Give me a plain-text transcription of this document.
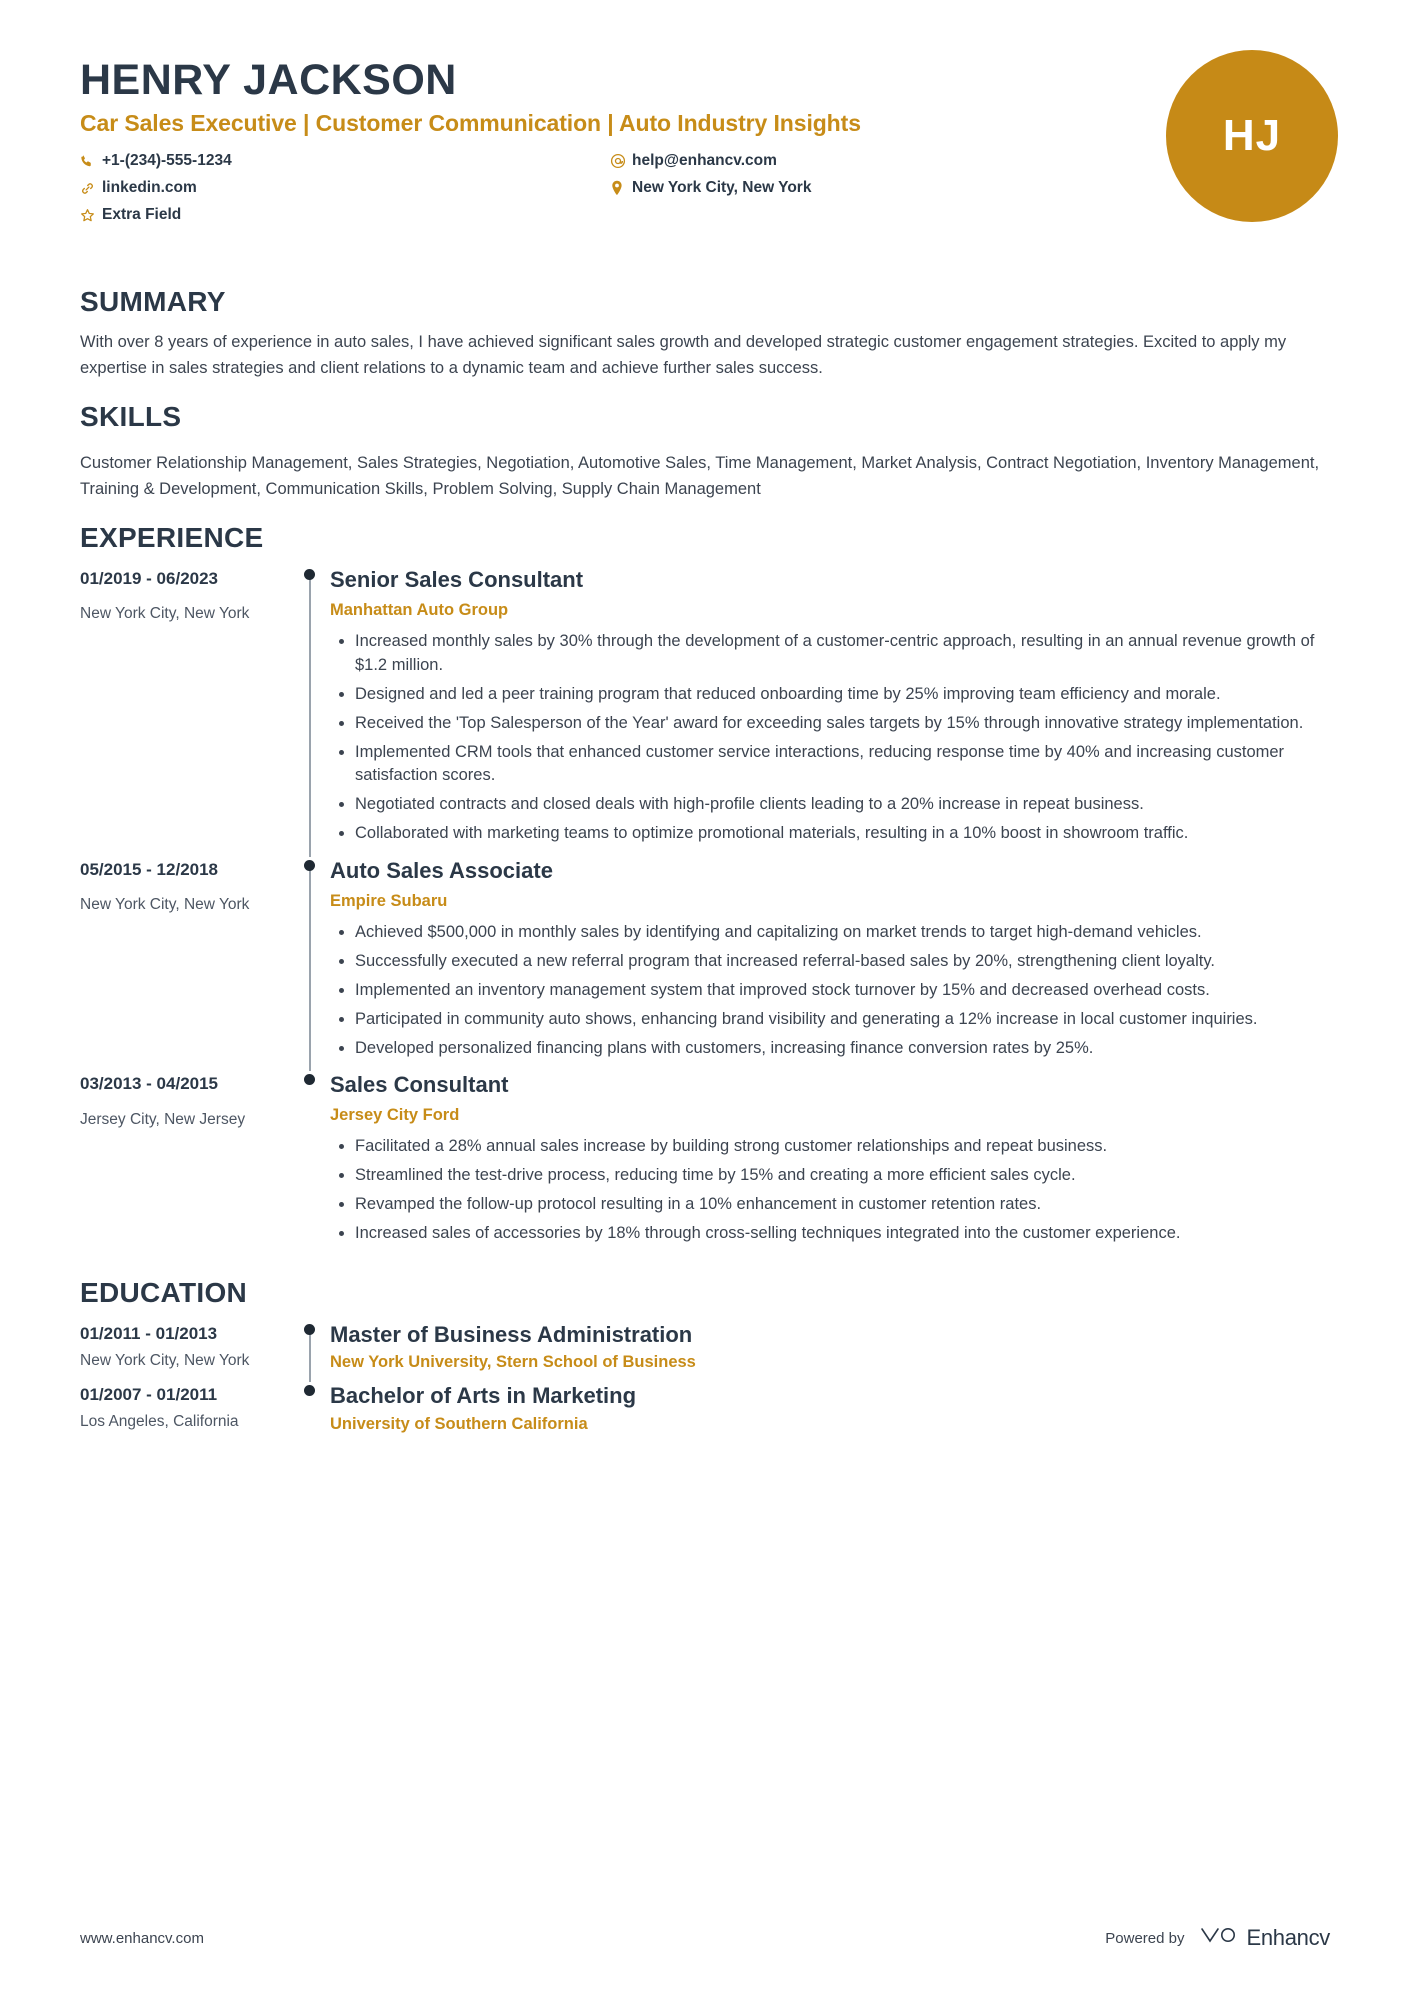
HENRY JACKSON
Car Sales Executive | Customer Communication | Auto Industry Insights
+1-(234)-555-1234	help@enhancv.com
linkedin.com	New York City, New York
Extra Field
HJ
SUMMARY

With over 8 years of experience in auto sales, I have achieved significant sales growth and developed strategic customer engagement strategies. Excited to apply my expertise in sales strategies and client relations to a dynamic team and achieve further sales success.

SKILLS

Customer Relationship Management, Sales Strategies, Negotiation, Automotive Sales, Time Management, Market Analysis, Contract Negotiation, Inventory Management, Training & Development, Communication Skills, Problem Solving, Supply Chain Management

EXPERIENCE
01/2019 - 06/2023
New York City, New York
Senior Sales Consultant
Manhattan Auto Group
Increased monthly sales by 30% through the development of a customer-centric approach, resulting in an annual revenue growth of $1.2 million.
Designed and led a peer training program that reduced onboarding time by 25% improving team efficiency and morale.
Received the 'Top Salesperson of the Year' award for exceeding sales targets by 15% through innovative strategy implementation.
Implemented CRM tools that enhanced customer service interactions, reducing response time by 40% and increasing customer satisfaction scores.
Negotiated contracts and closed deals with high-profile clients leading to a 20% increase in repeat business.
Collaborated with marketing teams to optimize promotional materials, resulting in a 10% boost in showroom traffic.
05/2015 - 12/2018
New York City, New York
Auto Sales Associate
Empire Subaru
Achieved $500,000 in monthly sales by identifying and capitalizing on market trends to target high-demand vehicles.
Successfully executed a new referral program that increased referral-based sales by 20%, strengthening client loyalty.
Implemented an inventory management system that improved stock turnover by 15% and decreased overhead costs.
Participated in community auto shows, enhancing brand visibility and generating a 12% increase in local customer inquiries.
Developed personalized financing plans with customers, increasing finance conversion rates by 25%.
03/2013 - 04/2015
Jersey City, New Jersey
Sales Consultant
Jersey City Ford
Facilitated a 28% annual sales increase by building strong customer relationships and repeat business.
Streamlined the test-drive process, reducing time by 15% and creating a more efficient sales cycle.
Revamped the follow-up protocol resulting in a 10% enhancement in customer retention rates.
Increased sales of accessories by 18% through cross-selling techniques integrated into the customer experience.
EDUCATION
01/2011 - 01/2013
New York City, New York
Master of Business Administration
New York University, Stern School of Business
01/2007 - 01/2011
Los Angeles, California
Bachelor of Arts in Marketing
University of Southern California
www.enhancv.com	Powered by	Enhancv
